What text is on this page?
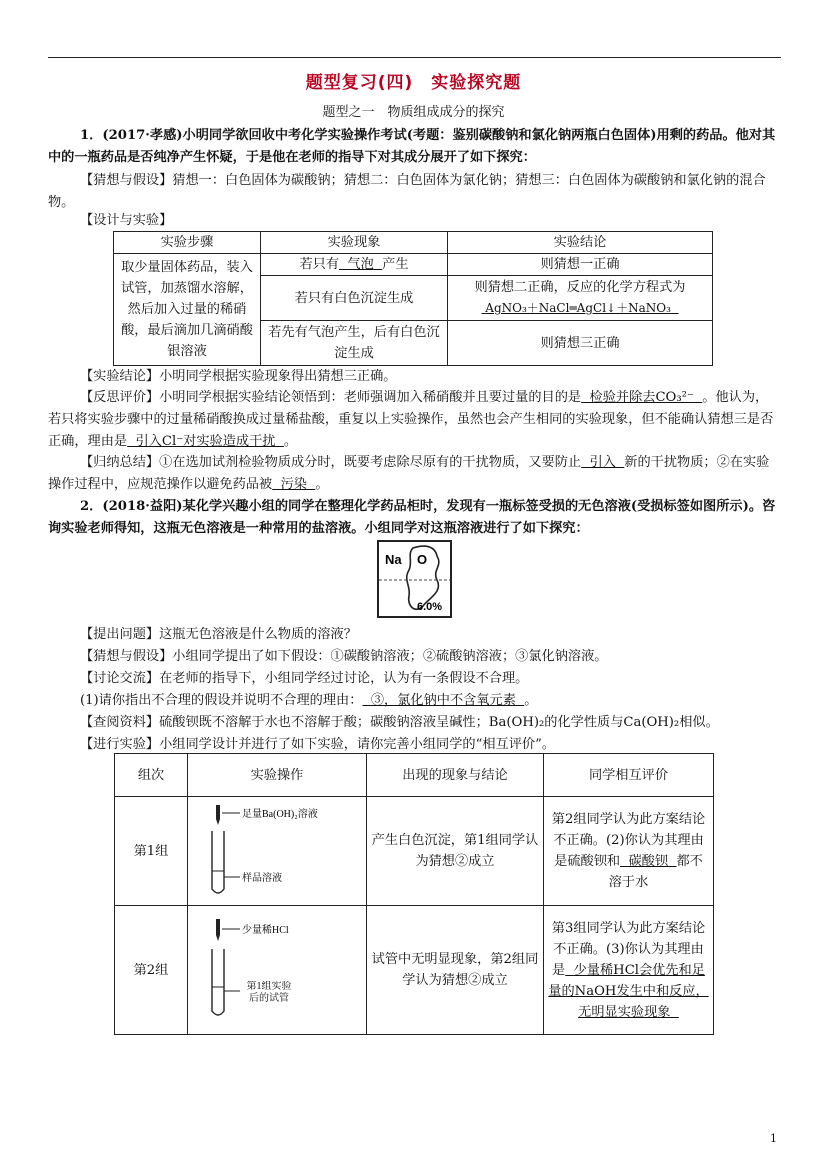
题型复习(四)　实验探究题
题型之一　物质组成成分的探究
1．(2017·孝感)小明同学欲回收中考化学实验操作考试(考题：鉴别碳酸钠和氯化钠两瓶白色固体)用剩的药品。他对其中的一瓶药品是否纯净产生怀疑，于是他在老师的指导下对其成分展开了如下探究：
【猜想与假设】猜想一：白色固体为碳酸钠；猜想二：白色固体为氯化钠；猜想三：白色固体为碳酸钠和氯化钠的混合物。
【设计与实验】
实验步骤	实验现象	实验结论
取少量固体药品，装入试管，加蒸馏水溶解，然后加入过量的稀硝酸，最后滴加几滴硝酸银溶液	若只有 气泡 产生	则猜想一正确
	若只有白色沉淀生成	则猜想二正确，反应的化学方程式为
AgNO₃＋NaCl═AgCl↓＋NaNO₃

	若先有气泡产生，后有白色沉淀生成	则猜想三正确
【实验结论】小明同学根据实验现象得出猜想三正确。
【反思评价】小明同学根据实验结论领悟到：老师强调加入稀硝酸并且要过量的目的是 检验并除去CO₃²⁻ 。他认为，若只将实验步骤中的过量稀硝酸换成过量稀盐酸，重复以上实验操作，虽然也会产生相同的实验现象，但不能确认猜想三是否正确，理由是 引入Cl⁻对实验造成干扰 。
【归纳总结】①在选加试剂检验物质成分时，既要考虑除尽原有的干扰物质，又要防止 引入 新的干扰物质；②在实验操作过程中，应规范操作以避免药品被 污染 。
2．(2018·益阳)某化学兴趣小组的同学在整理化学药品柜时，发现有一瓶标签受损的无色溶液(受损标签如图所示)。咨询实验老师得知，这瓶无色溶液是一种常用的盐溶液。小组同学对这瓶溶液进行了如下探究：
Na O
6.0%
【提出问题】这瓶无色溶液是什么物质的溶液？
【猜想与假设】小组同学提出了如下假设：①碳酸钠溶液；②硫酸钠溶液；③氯化钠溶液。
【讨论交流】在老师的指导下，小组同学经过讨论，认为有一条假设不合理。
(1)请你指出不合理的假设并说明不合理的理由： ③，氯化钠中不含氧元素 。
【查阅资料】硫酸钡既不溶解于水也不溶解于酸；碳酸钠溶液呈碱性；Ba(OH)₂的化学性质与Ca(OH)₂相似。
【进行实验】小组同学设计并进行了如下实验，请你完善小组同学的“相互评价”。
组次	实验操作	出现的现象与结论	同学相互评价
第1组	足量Ba(OH)₂溶液
样品溶液	产生白色沉淀，第1组同学认为猜想②成立	第2组同学认为此方案结论不正确。(2)你认为其理由是硫酸钡和 碳酸钡 都不溶于水
第2组	少量稀HCl
第1组实验后的试管	试管中无明显现象，第2组同学认为猜想②成立	第3组同学认为此方案结论不正确。(3)你认为其理由是 少量稀HCl会优先和足量的NaOH发生中和反应，无明显实验现象
1
